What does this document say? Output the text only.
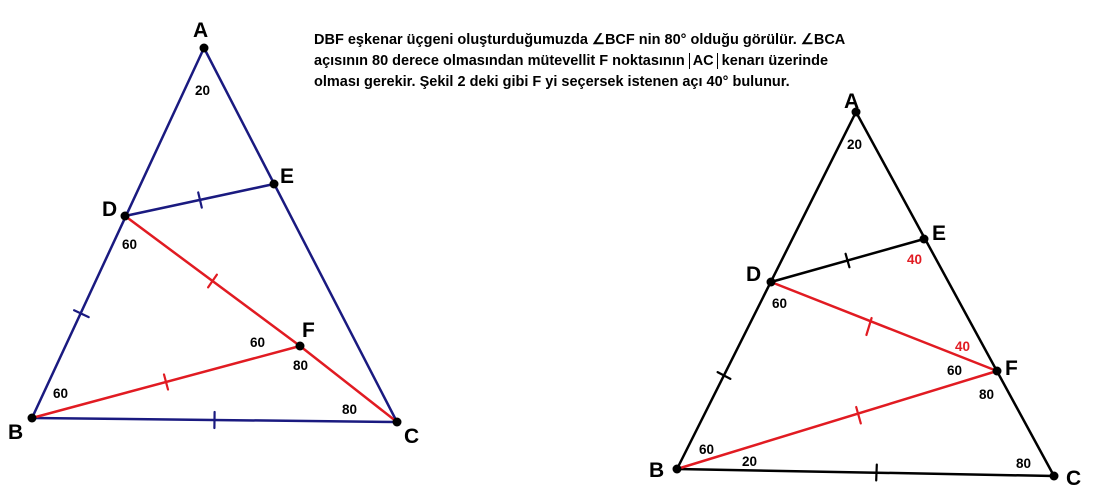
DBF eşkenar üçgeni oluşturduğumuzda ∠BCF nin 80° olduğu görülür. ∠BCA
açısının 80 derece olmasından mütevellit F noktasının AC kenarı üzerinde
olması gerekir. Şekil 2 deki gibi F yi seçersek istenen açı 40° bulunur.
A
B	C
D
E
F
20
60
60
60
80
80
A
B	C
D
E
F
20
40
60
40
60
80
60
20	80
